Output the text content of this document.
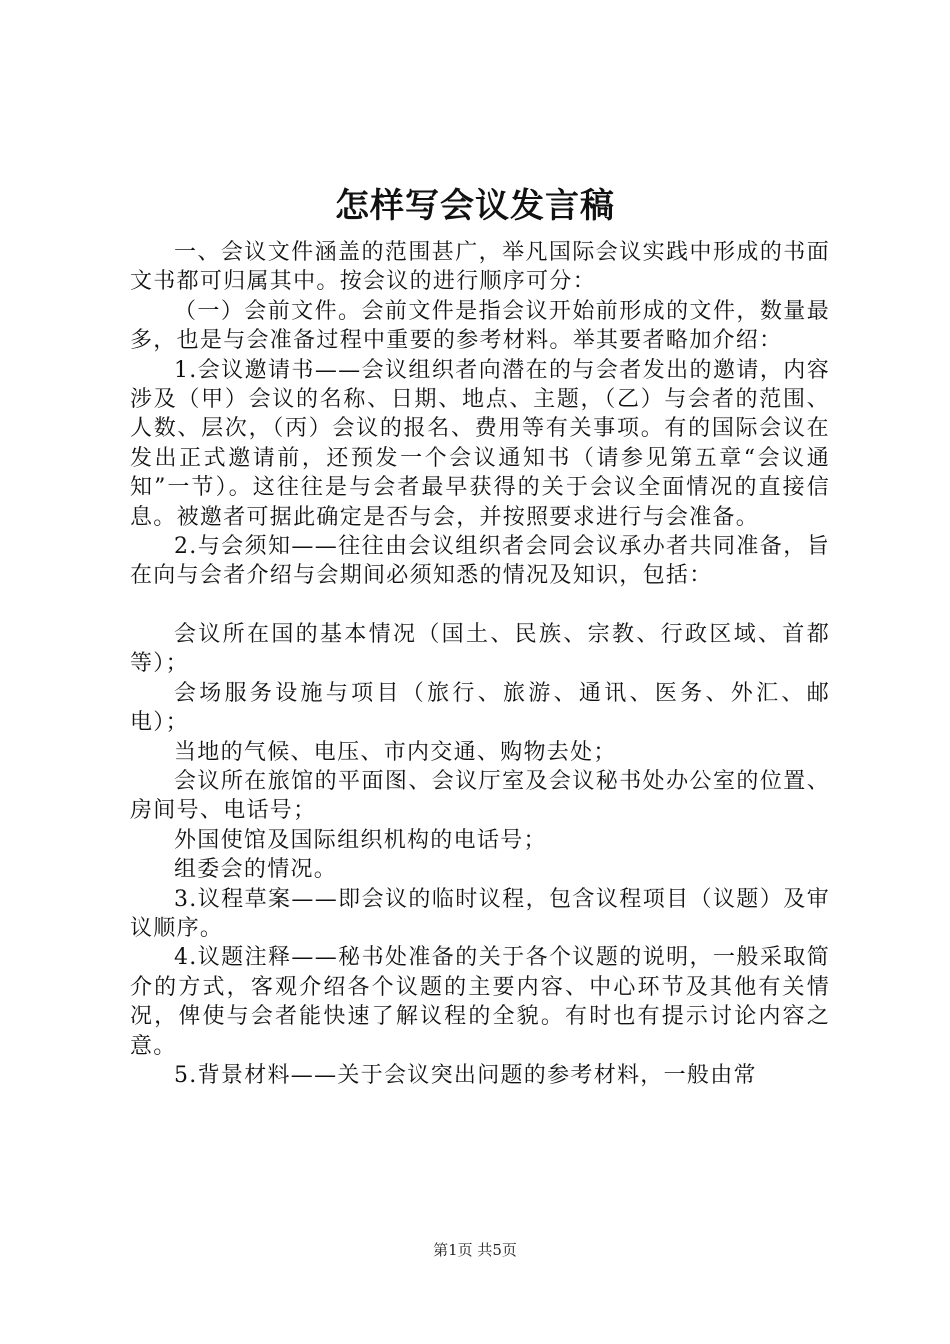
怎样写会议发言稿

一、会议文件涵盖的范围甚广，举凡国际会议实践中形成的书面文书都可归属其中。按会议的进行顺序可分：

（一）会前文件。会前文件是指会议开始前形成的文件，数量最多，也是与会准备过程中重要的参考材料。举其要者略加介绍：

1.会议邀请书——会议组织者向潜在的与会者发出的邀请，内容涉及（甲）会议的名称、日期、地点、主题，（乙）与会者的范围、人数、层次，（丙）会议的报名、费用等有关事项。有的国际会议在发出正式邀请前，还预发一个会议通知书（请参见第五章“会议通知”一节）。这往往是与会者最早获得的关于会议全面情况的直接信息。被邀者可据此确定是否与会，并按照要求进行与会准备。

2.与会须知——往往由会议组织者会同会议承办者共同准备，旨在向与会者介绍与会期间必须知悉的情况及知识，包括：

会议所在国的基本情况（国土、民族、宗教、行政区域、首都等）；

会场服务设施与项目（旅行、旅游、通讯、医务、外汇、邮电）；

当地的气候、电压、市内交通、购物去处；

会议所在旅馆的平面图、会议厅室及会议秘书处办公室的位置、房间号、电话号；

外国使馆及国际组织机构的电话号；

组委会的情况。

3.议程草案——即会议的临时议程，包含议程项目（议题）及审议顺序。

4.议题注释——秘书处准备的关于各个议题的说明，一般采取简介的方式，客观介绍各个议题的主要内容、中心环节及其他有关情况，俾使与会者能快速了解议程的全貌。有时也有提示讨论内容之意。

5.背景材料——关于会议突出问题的参考材料，一般由常

第1页 共5页
